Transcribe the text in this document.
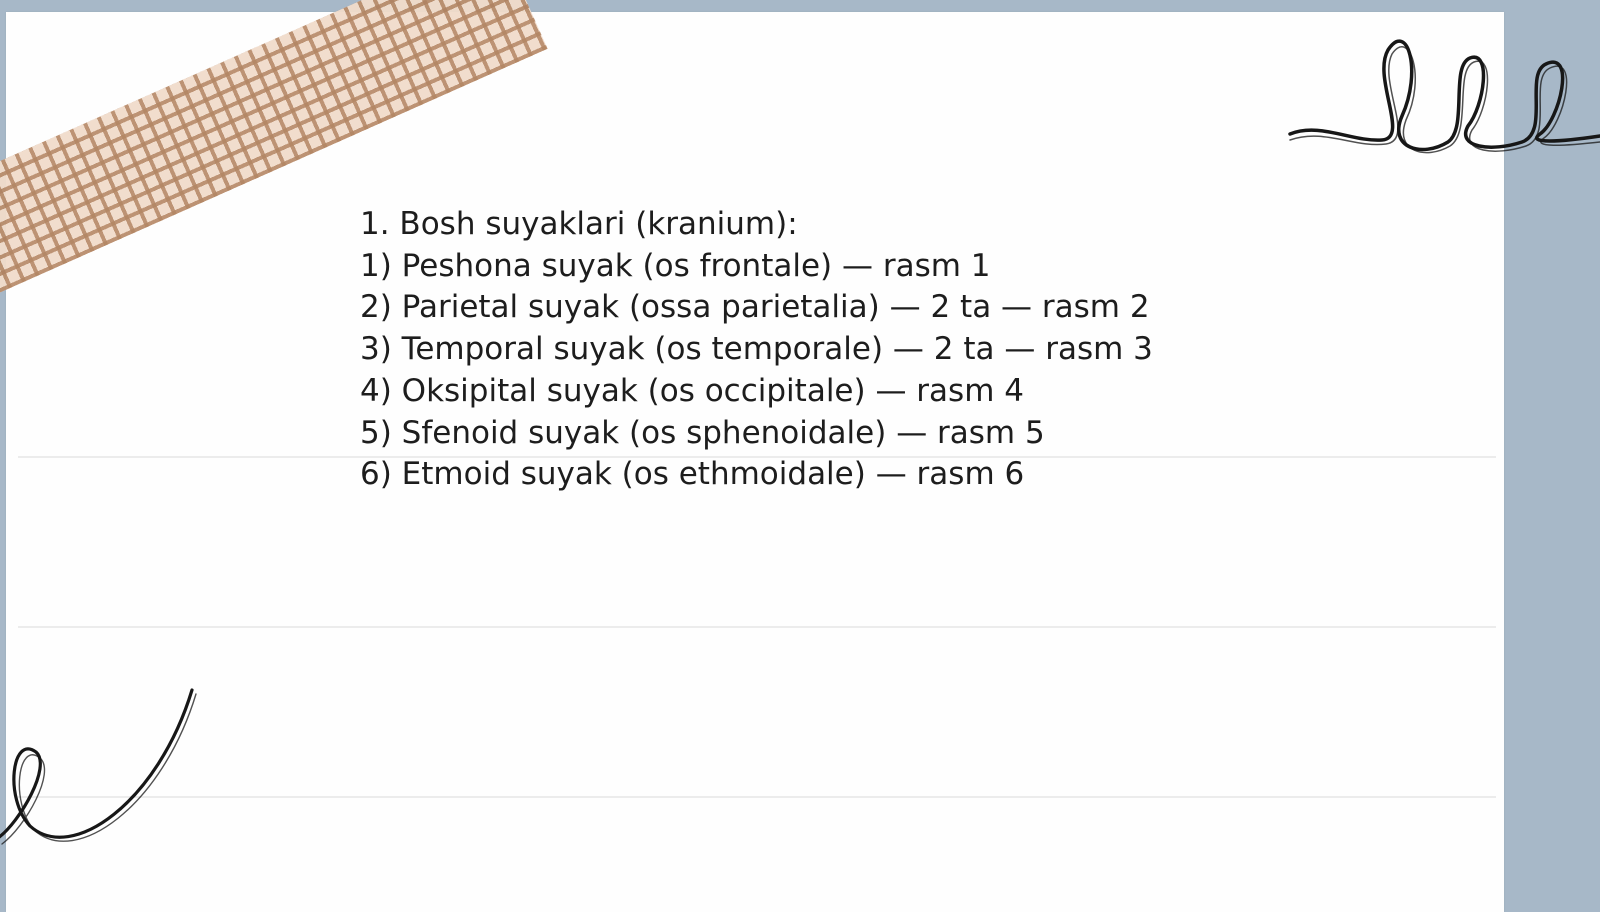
1. Bosh suyaklari (kranium):

1) Peshona suyak (os frontale) — rasm 1

2) Parietal suyak (ossa parietalia) — 2 ta — rasm 2

3) Temporal suyak (os temporale) — 2 ta — rasm 3

4) Oksipital suyak (os occipitale) — rasm 4

5) Sfenoid suyak (os sphenoidale) — rasm 5

6) Etmoid suyak (os ethmoidale) — rasm 6
